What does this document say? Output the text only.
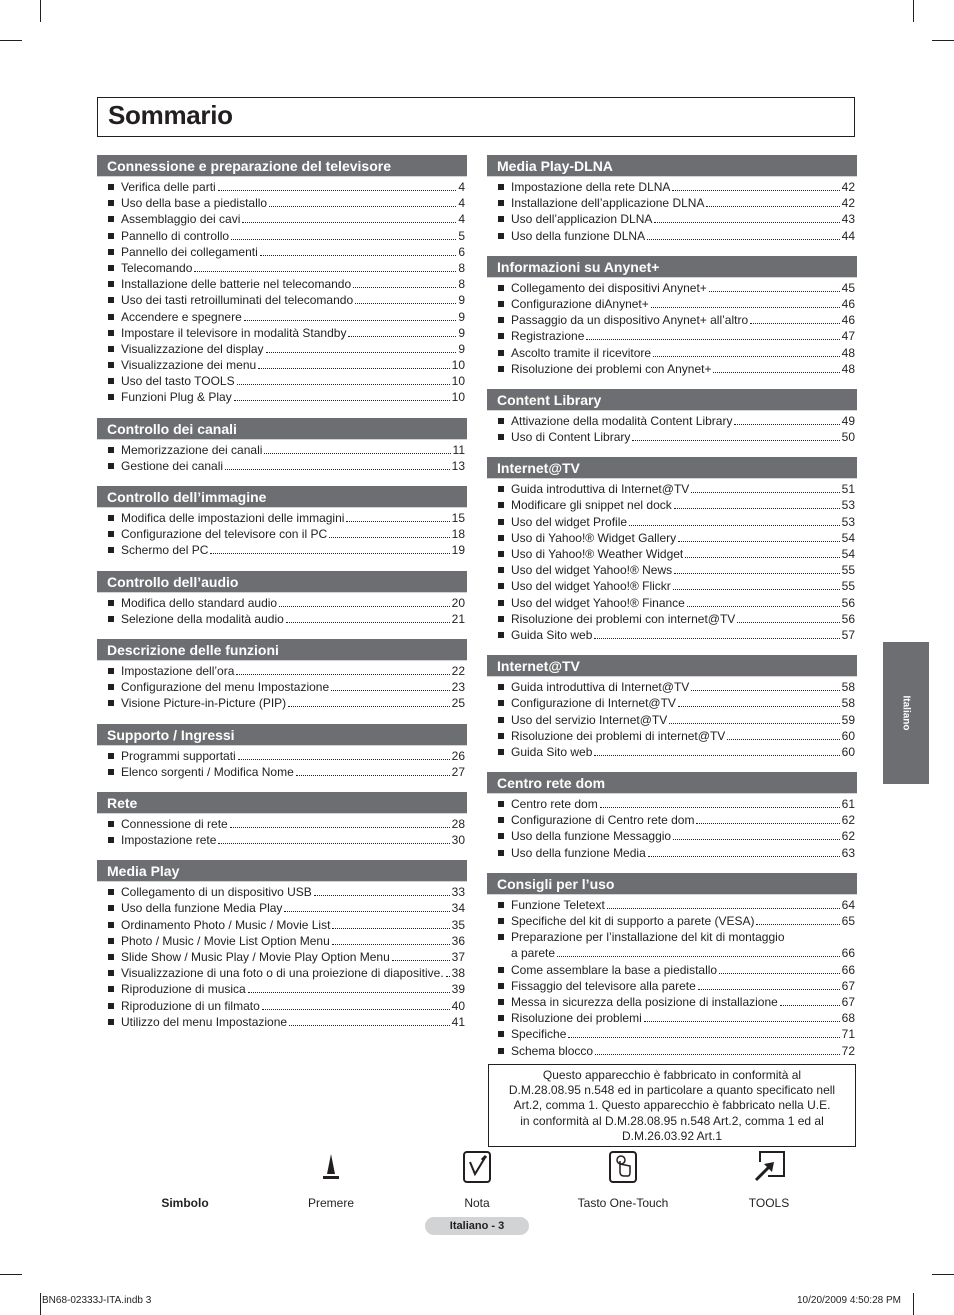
Sommario
Connessione e preparazione del televisore
Verifica delle parti	4
Uso della base a piedistallo	4
Assemblaggio dei cavi	4
Pannello di controllo	5
Pannello dei collegamenti	6
Telecomando	8
Installazione delle batterie nel telecomando	8
Uso dei tasti retroilluminati del telecomando	9
Accendere e spegnere	9
Impostare il televisore in modalità Standby	9
Visualizzazione del display	9
Visualizzazione dei menu	10
Uso del tasto TOOLS	10
Funzioni Plug & Play	10
Controllo dei canali
Memorizzazione dei canali	11
Gestione dei canali	13
Controllo dell’immagine
Modifica delle impostazioni delle immagini	15
Configurazione del televisore con il PC	18
Schermo del PC	19
Controllo dell’audio
Modifica dello standard audio	20
Selezione della modalità audio	21
Descrizione delle funzioni
Impostazione dell’ora	22
Configurazione del menu Impostazione	23
Visione Picture-in-Picture (PIP)	25
Supporto / Ingressi
Programmi supportati	26
Elenco sorgenti / Modifica Nome	27
Rete
Connessione di rete	28
Impostazione rete	30
Media Play
Collegamento di un dispositivo USB	33
Uso della funzione Media Play	34
Ordinamento Photo / Music / Movie List	35
Photo / Music / Movie List Option Menu	36
Slide Show / Music Play / Movie Play Option Menu	37
Visualizzazione di una foto o di una proiezione di diapositive. 38
Riproduzione di musica	39
Riproduzione di un filmato	40
Utilizzo del menu Impostazione	41
Media Play-DLNA
Impostazione della rete DLNA	42
Installazione dell’applicazione DLNA	42
Uso dell’applicazion DLNA	43
Uso della funzione DLNA	44
Informazioni su Anynet+
Collegamento dei dispositivi Anynet+	45
Configurazione diAnynet+	46
Passaggio da un dispositivo Anynet+ all’altro	46
Registrazione	47
Ascolto tramite il ricevitore	48
Risoluzione dei problemi con Anynet+	48
Content Library
Attivazione della modalità Content Library	49
Uso di Content Library	50
Internet@TV
Guida introduttiva di Internet@TV	51
Modificare gli snippet nel dock	53
Uso del widget Profile	53
Uso di Yahoo!® Widget Gallery	54
Uso di Yahoo!® Weather Widget	54
Uso del widget Yahoo!® News	55
Uso del widget Yahoo!® Flickr	55
Uso del widget Yahoo!® Finance	56
Risoluzione dei problemi con internet@TV	56
Guida Sito web	57
Internet@TV
Guida introduttiva di Internet@TV	58
Configurazione di Internet@TV	58
Uso del servizio Internet@TV	59
Risoluzione dei problemi di internet@TV	60
Guida Sito web	60
Centro rete dom
Centro rete dom	61
Configurazione di Centro rete dom	62
Uso della funzione Messaggio	62
Uso della funzione Media	63
Consigli per l’uso
Funzione Teletext	64
Specifiche del kit di supporto a parete (VESA)	65
Preparazione per l’installazione del kit di montaggio
a parete	66
Come assemblare la base a piedistallo	66
Fissaggio del televisore alla parete	67
Messa in sicurezza della posizione di installazione	67
Risoluzione dei problemi	68
Specifiche	71
Schema blocco	72
Questo apparecchio è fabbricato in conformità al
D.M.28.08.95 n.548 ed in particolare a quanto specificato nell
Art.2, comma 1. Questo apparecchio è fabbricato nella U.E.
in conformità al D.M.28.08.95 n.548 Art.2, comma 1 ed al
D.M.26.03.92 Art.1
Simbolo	Premere	Nota	Tasto One-Touch	TOOLS
Italiano
Italiano - 3
BN68-02333J-ITA.indb 3	10/20/2009 4:50:28 PM
